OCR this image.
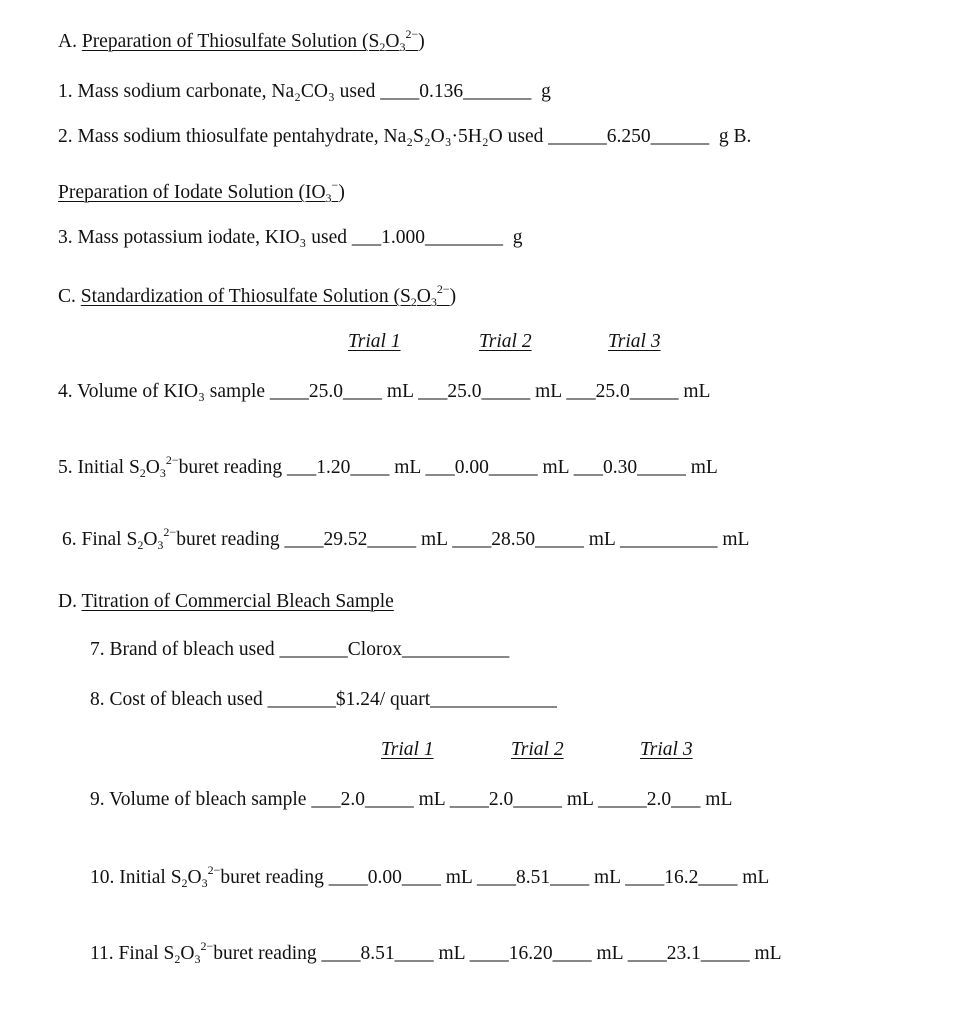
A. Preparation of Thiosulfate Solution $(S_2O_3^{2-})$
1. Mass sodium carbonate, Na₂CO₃ used ____0.136_______ g
2. Mass sodium thiosulfate pentahydrate, Na₂S₂O₃·5H₂O used ______6.250______ g B.
Preparation of Iodate Solution $(IO_3^-)$
3. Mass potassium iodate, KIO₃ used ___1.000________ g
C. Standardization of Thiosulfate Solution $(S_2O_3^{2-})$
Trial 1	Trial 2	Trial 3
4. Volume of KIO₃ sample ____25.0____ mL ___25.0_____ mL ___25.0_____ mL
5. Initial $S_2O_3^{2-}buret$ reading ___1.20____ mL ___0.00_____ mL ___0.30_____ mL
6. Final $S_2O_3^{2-}buret$ reading ____29.52_____ mL ____28.50_____ mL __________ mL
D. Titration of Commercial Bleach Sample
7. Brand of bleach used _______Clorox___________
8. Cost of bleach used _______$1.24/ quart_____________
Trial 1	Trial 2	Trial 3
9. Volume of bleach sample ___2.0_____ mL ____2.0_____ mL _____2.0___ mL
10. Initial $S_2O_3^{2-}buret$ reading ____0.00____ mL ____8.51____ mL ____16.2____ mL
11. Final $S_2O_3^{2-}buret$ reading ____8.51____ mL ____16.20____ mL ____23.1_____ mL
